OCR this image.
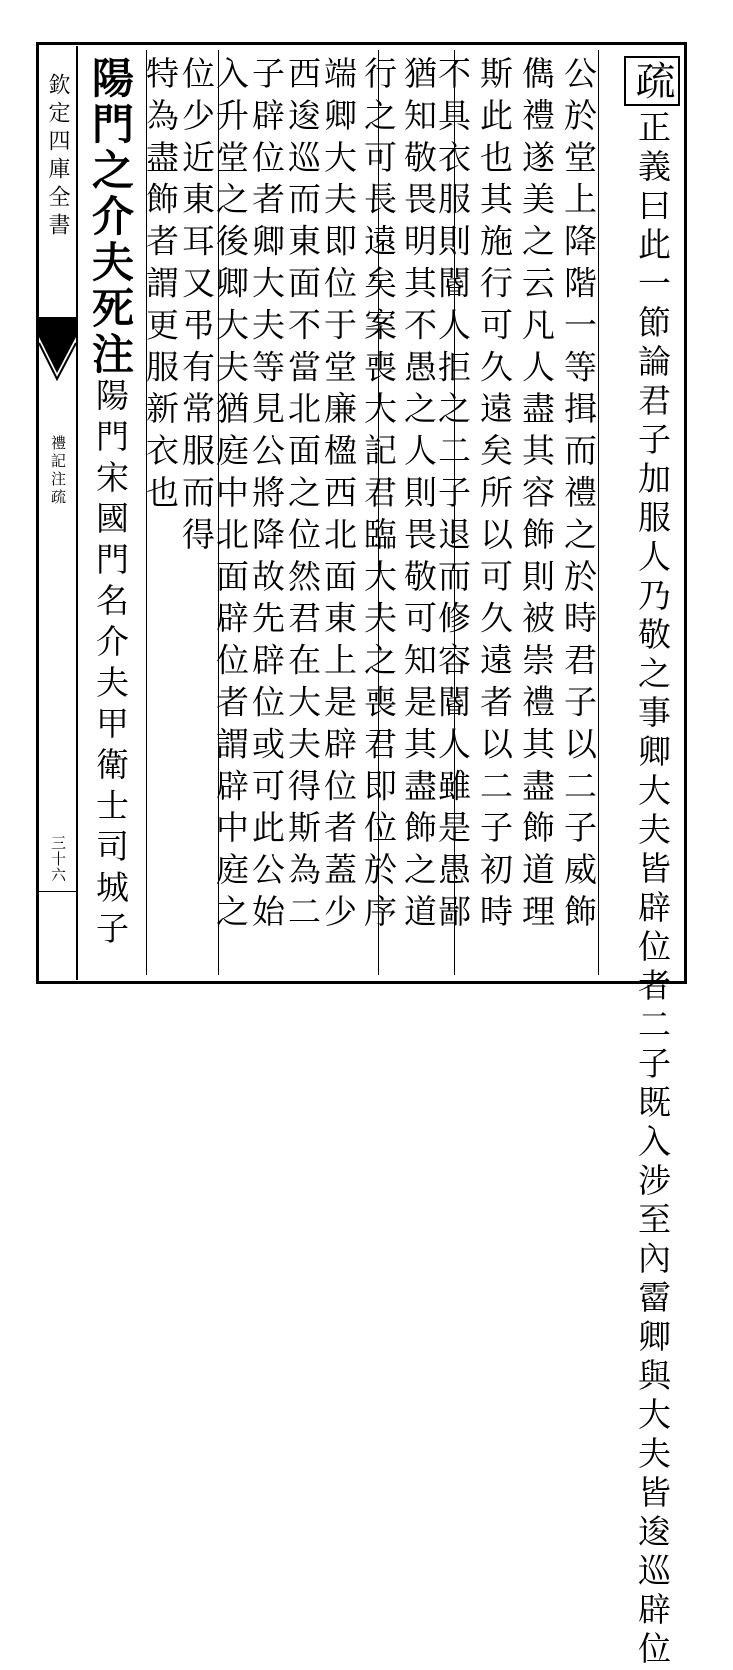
欽定四庫全書
禮記注疏
三十六
疏正義曰此一節論君子加服人乃敬之事卿大夫皆辟位者二子既入涉至內霤卿與大夫皆逡巡辟位
公於堂上降階一等揖而禮之於時君子以二子威飾
儁禮遂美之云凡人盡其容飾則被崇禮其盡飾道理
斯此也其施行可久遠矣所以可久遠者以二子初時
不具衣服則閽人拒之二子退而修容閽人雖是愚鄙
猶知敬畏明其不愚之人則畏敬可知是其盡飾之道
行之可長遠矣案喪大記君臨大夫之喪君即位於序
端卿大夫即位于堂廉楹西北面東上是辟位者蓋少
西逡巡而東面不當北面之位然君在大夫得斯為二
子辟位者卿大夫等見公將降故先辟位或可此公始
入升堂之後卿大夫猶庭中北面辟位者謂辟中庭之
位少近東耳又弔有常服而得
特為盡飾者謂更服新衣也
陽門之介夫死注陽門宋國門名介夫甲衛士司城子
